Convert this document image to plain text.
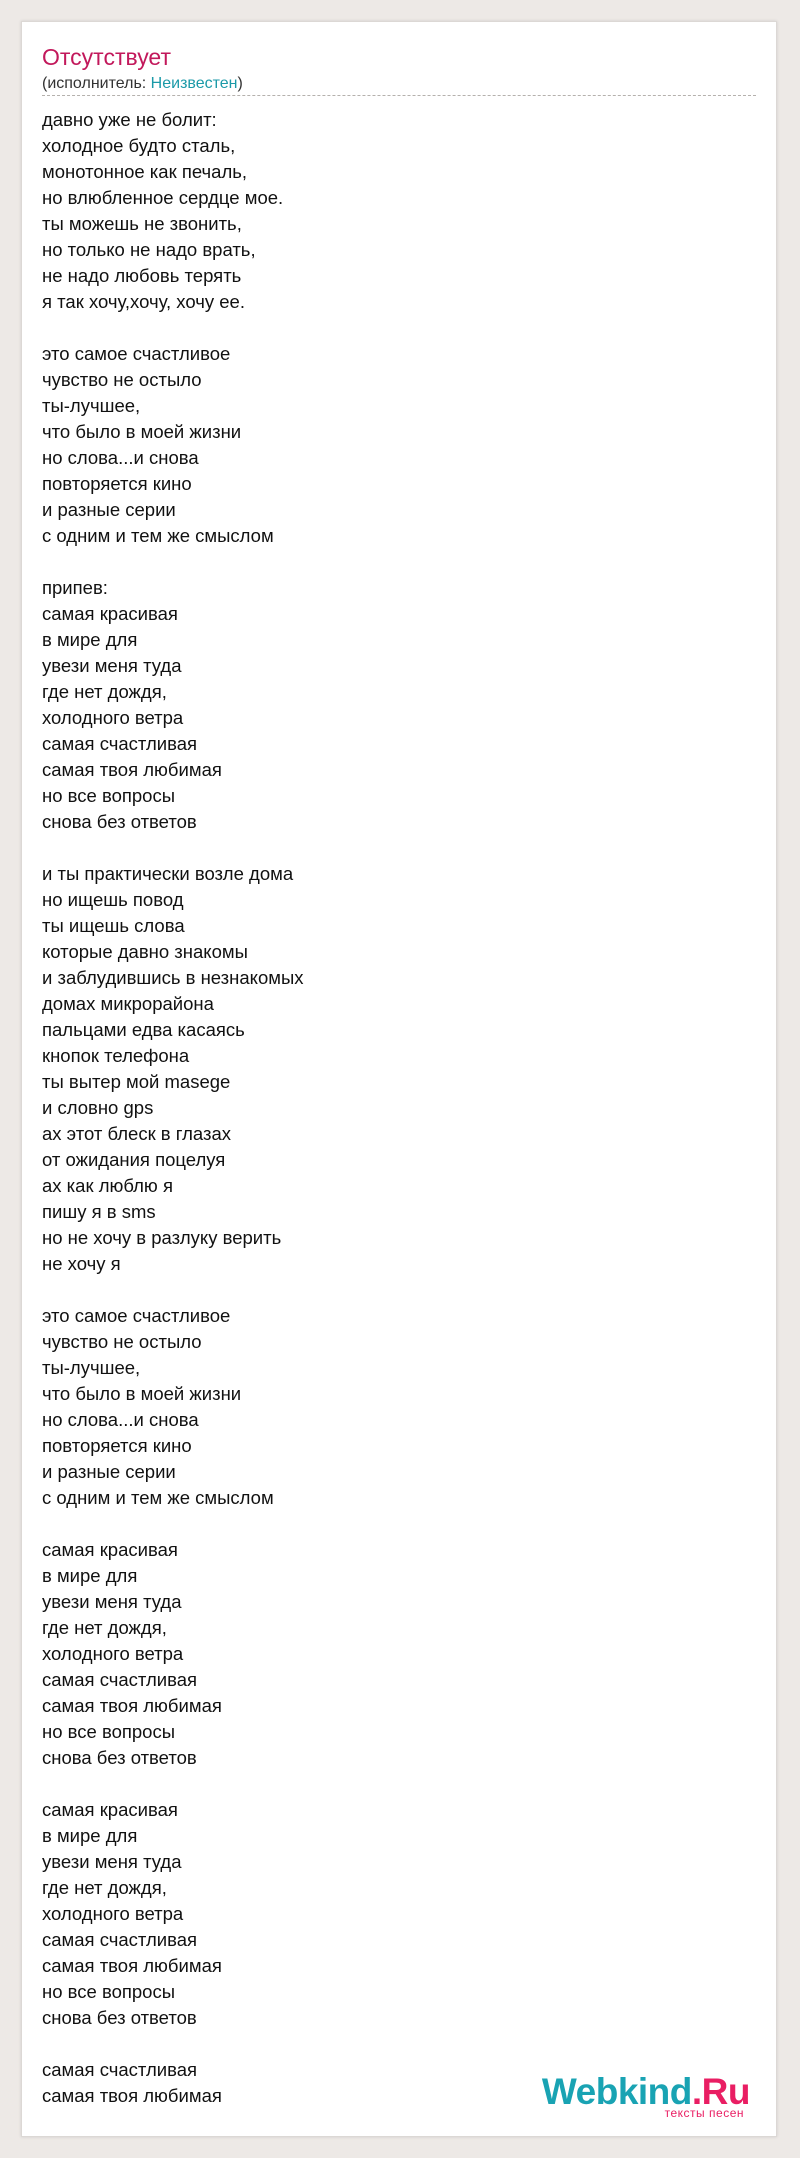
Отсутствует
(исполнитель: Неизвестен)
давно уже не болит:
холодное будто сталь,
монотонное как печаль,
но влюбленное сердце мое.
ты можешь не звонить,
но только не надо врать,
не надо любовь терять
я так хочу,хочу, хочу ее.
это самое счастливое
чувство не остыло
ты-лучшее,
что было в моей жизни
но слова...и снова
повторяется кино
и разные серии
с одним и тем же смыслом
припев:
самая красивая
в мире для
увези меня туда
где нет дождя,
холодного ветра
самая счастливая
самая твоя любимая
но все вопросы
снова без ответов
и ты практически возле дома
но ищешь повод
ты ищешь слова
которые давно знакомы
и заблудившись в незнакомых
домах микрорайона
пальцами едва касаясь
кнопок телефона
ты вытер мой masege
и словно gps
ах этот блеск в глазах
от ожидания поцелуя
ах как люблю я
пишу я в sms
но не хочу в разлуку верить
не хочу я
это самое счастливое
чувство не остыло
ты-лучшее,
что было в моей жизни
но слова...и снова
повторяется кино
и разные серии
с одним и тем же смыслом
самая красивая
в мире для
увези меня туда
где нет дождя,
холодного ветра
самая счастливая
самая твоя любимая
но все вопросы
снова без ответов
самая красивая
в мире для
увези меня туда
где нет дождя,
холодного ветра
самая счастливая
самая твоя любимая
но все вопросы
снова без ответов
самая счастливая
самая твоя любимая	Webkind.Ru
тексты песен
